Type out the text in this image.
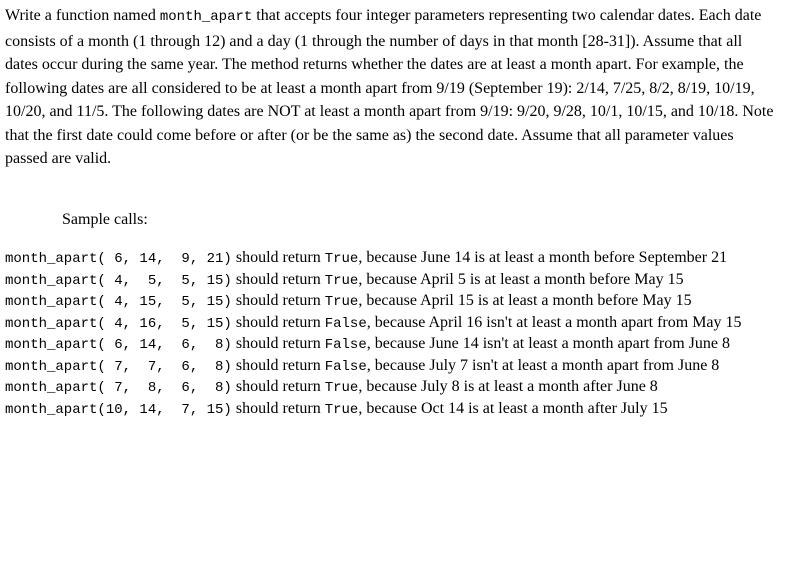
Write a function named month_apart that accepts four integer parameters representing two calendar dates. Each date consists of a month (1 through 12) and a day (1 through the number of days in that month [28-31]). Assume that all dates occur during the same year. The method returns whether the dates are at least a month apart. For example, the following dates are all considered to be at least a month apart from 9/19 (September 19): 2/14, 7/25, 8/2, 8/19, 10/19, 10/20, and 11/5. The following dates are NOT at least a month apart from 9/19: 9/20, 9/28, 10/1, 10/15, and 10/18. Note that the first date could come before or after (or be the same as) the second date. Assume that all parameter values passed are valid.
Sample calls:
month_apart( 6, 14,  9, 21) should return True, because June 14 is at least a month before September 21
month_apart( 4,  5,  5, 15) should return True, because April 5 is at least a month before May 15
month_apart( 4, 15,  5, 15) should return True, because April 15 is at least a month before May 15
month_apart( 4, 16,  5, 15) should return False, because April 16 isn't at least a month apart from May 15
month_apart( 6, 14,  6,  8) should return False, because June 14 isn't at least a month apart from June 8
month_apart( 7,  7,  6,  8) should return False, because July 7 isn't at least a month apart from June 8
month_apart( 7,  8,  6,  8) should return True, because July 8 is at least a month after June 8
month_apart(10, 14,  7, 15) should return True, because Oct 14 is at least a month after July 15
